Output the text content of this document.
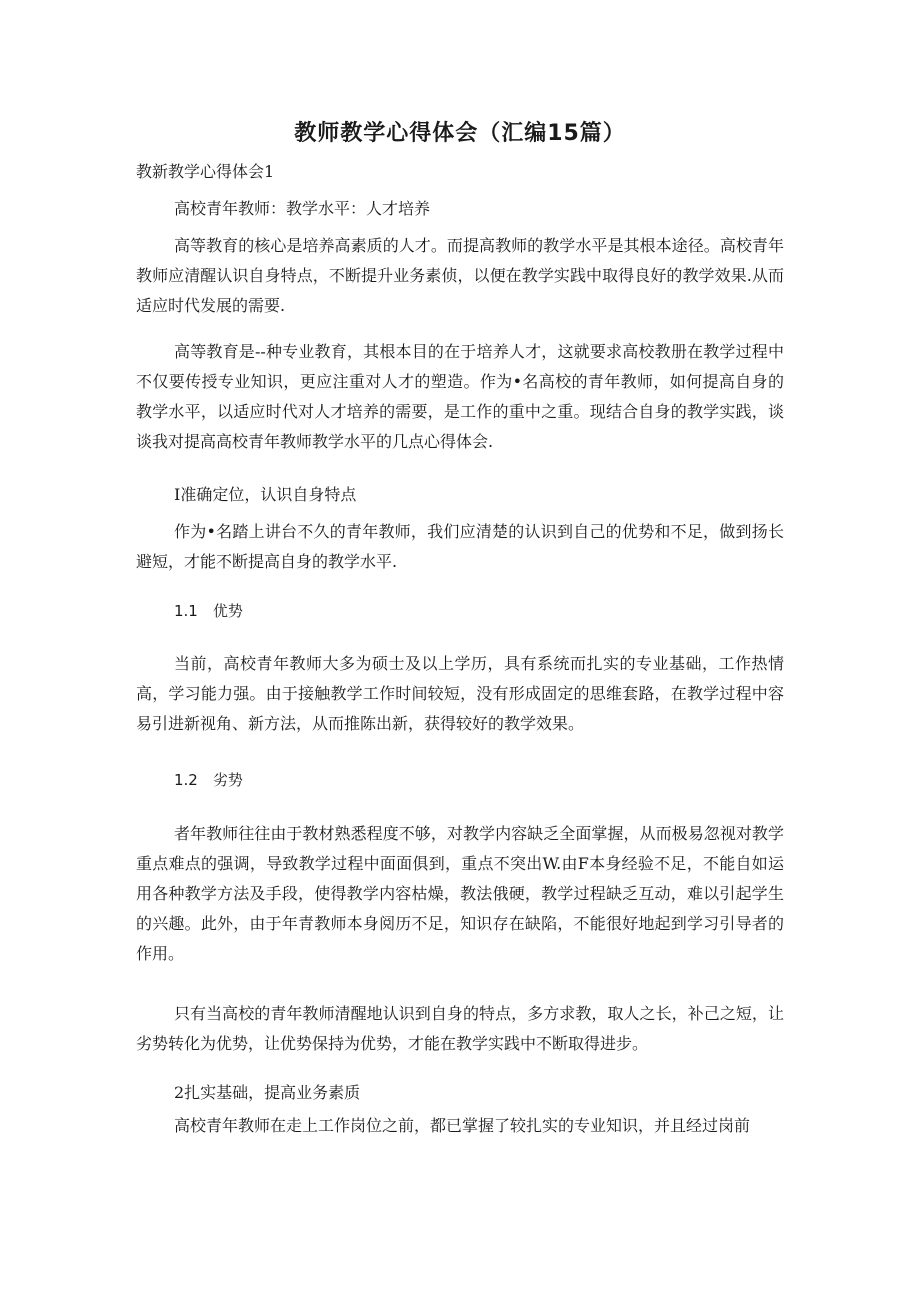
教师教学心得体会（汇编15篇）

教新教学心得体会1

高校青年教师：教学水平：人才培养

高等教育的核心是培养高素质的人才。而提高教师的教学水平是其根本途径。高校青年教师应清醒认识自身特点，不断提升业务素侦，以便在教学实践中取得良好的教学效果.从而适应时代发展的需要.

高等教育是--种专业教育，其根本目的在于培养人才，这就要求高校教册在教学过程中不仅要传授专业知识，更应注重对人才的塑造。作为•名高校的青年教师，如何提高自身的教学水平，以适应时代对人才培养的需要，是工作的重中之重。现结合自身的教学实践，谈谈我对提高高校青年教师教学水平的几点心得体会.

I准确定位，认识自身特点

作为•名踏上讲台不久的青年教师，我们应清楚的认识到自己的优势和不足，做到扬长避短，才能不断提高自身的教学水平.

1.1　优势

当前，高校青年教师大多为硕士及以上学历，具有系统而扎实的专业基础，工作热情高，学习能力强。由于接触教学工作时间较短，没有形成固定的思维套路，在教学过程中容易引进新视角、新方法，从而推陈出新，获得较好的教学效果。

1.2　劣势

者年教师往往由于教材熟悉程度不够，对教学内容缺乏全面掌握，从而极易忽视对教学重点难点的强调，导致教学过程中面面俱到，重点不突出W.由F本身经验不足，不能自如运用各种教学方法及手段，使得教学内容枯燥，教法俄硬，教学过程缺乏互动，难以引起学生的兴趣。此外，由于年青教师本身阅历不足，知识存在缺陷，不能很好地起到学习引导者的作用。

只有当高校的青年教师清醒地认识到自身的特点，多方求教，取人之长，补己之短，让劣势转化为优势，让优势保持为优势，才能在教学实践中不断取得进步。

2扎实基础，提高业务素质

高校青年教师在走上工作岗位之前，都已掌握了较扎实的专业知识，并且经过岗前
